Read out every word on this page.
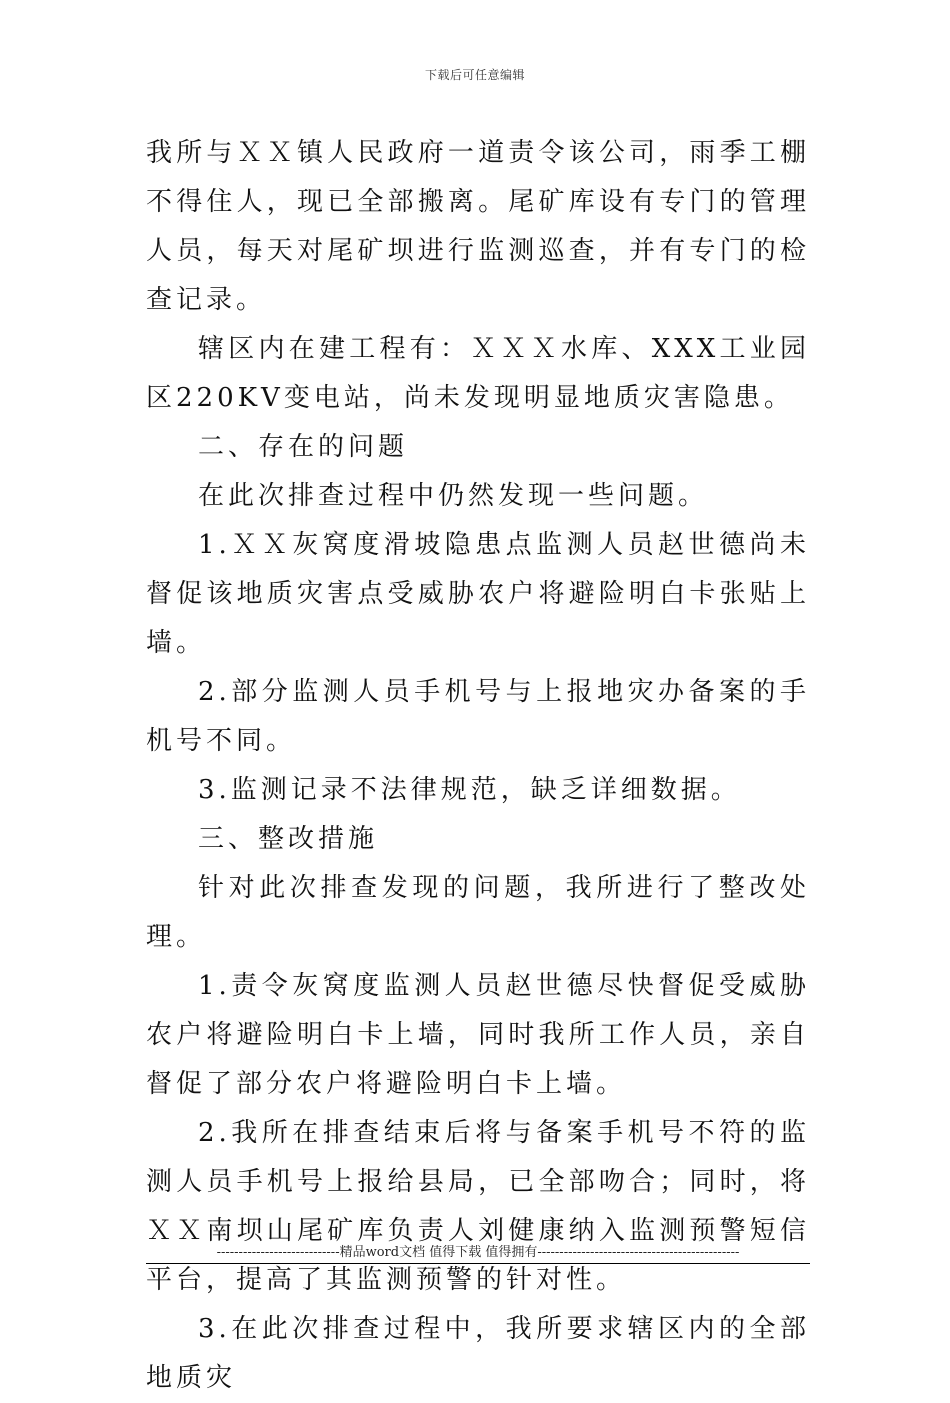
下载后可任意编辑

我所与ＸＸ镇人民政府一道责令该公司，雨季工棚不得住人，现已全部搬离。尾矿库设有专门的管理人员，每天对尾矿坝进行监测巡查，并有专门的检查记录。

辖区内在建工程有：ＸＸＸ水库、XXX工业园区220KV变电站，尚未发现明显地质灾害隐患。

二、存在的问题

在此次排查过程中仍然发现一些问题。

1.ＸＸ灰窝度滑坡隐患点监测人员赵世德尚未督促该地质灾害点受威胁农户将避险明白卡张贴上墙。

2.部分监测人员手机号与上报地灾办备案的手机号不同。

3.监测记录不法律规范，缺乏详细数据。

三、整改措施

针对此次排查发现的问题，我所进行了整改处理。

1.责令灰窝度监测人员赵世德尽快督促受威胁农户将避险明白卡上墙，同时我所工作人员，亲自督促了部分农户将避险明白卡上墙。

2.我所在排查结束后将与备案手机号不符的监测人员手机号上报给县局，已全部吻合；同时，将ＸＸ南坝山尾矿库负责人刘健康纳入监测预警短信平台，提高了其监测预警的针对性。

3.在此次排查过程中，我所要求辖区内的全部地质灾

----------------------------精品word文档 值得下载 值得拥有----------------------------------------------
